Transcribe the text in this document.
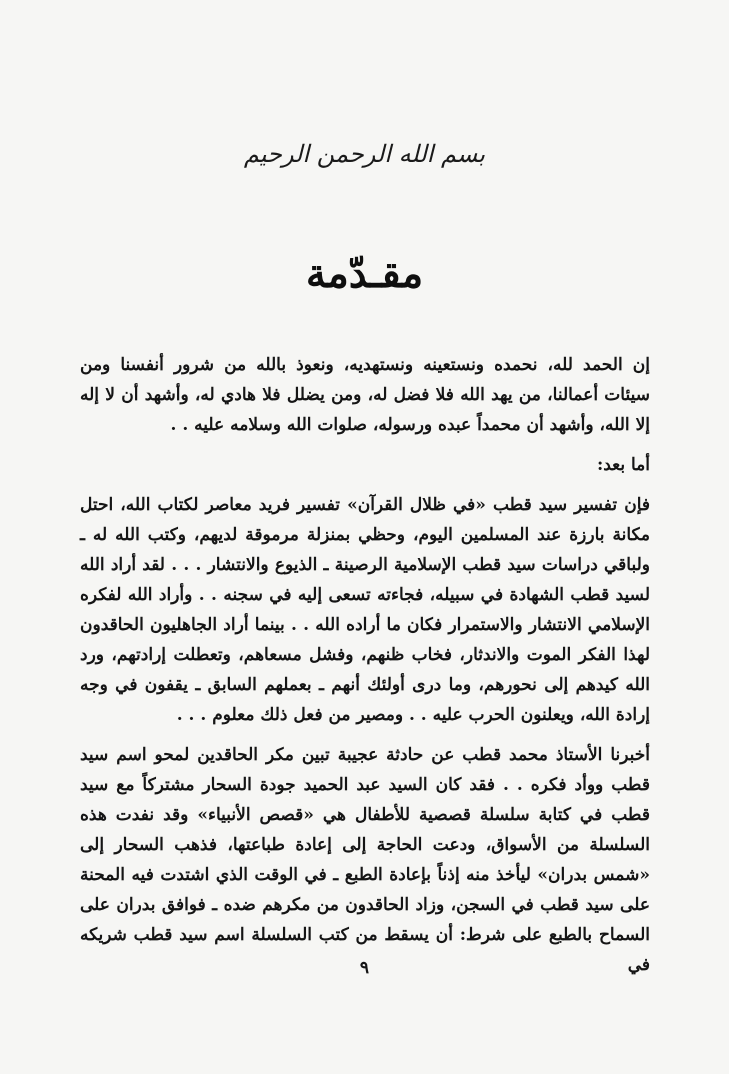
بسم الله الرحمن الرحيم
مقـدّمة

إن الحمد لله، نحمده ونستعينه ونستهديه، ونعوذ بالله من شرور أنفسنا ومن سيئات أعمالنا، من يهد الله فلا فضل له، ومن يضلل فلا هادي له، وأشهد أن لا إله إلا الله، وأشهد أن محمداً عبده ورسوله، صلوات الله وسلامه عليه . .

أما بعد:

فإن تفسير سيد قطب «في ظلال القرآن» تفسير فريد معاصر لكتاب الله، احتل مكانة بارزة عند المسلمين اليوم، وحظي بمنزلة مرموقة لديهم، وكتب الله له ـ ولباقي دراسات سيد قطب الإسلامية الرصينة ـ الذيوع والانتشار . . . لقد أراد الله لسيد قطب الشهادة في سبيله، فجاءته تسعى إليه في سجنه . . وأراد الله لفكره الإسلامي الانتشار والاستمرار فكان ما أراده الله . . بينما أراد الجاهليون الحاقدون لهذا الفكر الموت والاندثار، فخاب ظنهم، وفشل مسعاهم، وتعطلت إرادتهم، ورد الله كيدهم إلى نحورهم، وما درى أولئك أنهم ـ بعملهم السابق ـ يقفون في وجه إرادة الله، ويعلنون الحرب عليه . . ومصير من فعل ذلك معلوم . . .

أخبرنا الأستاذ محمد قطب عن حادثة عجيبة تبين مكر الحاقدين لمحو اسم سيد قطب ووأد فكره . . فقد كان السيد عبد الحميد جودة السحار مشتركاً مع سيد قطب في كتابة سلسلة قصصية للأطفال هي «قصص الأنبياء» وقد نفدت هذه السلسلة من الأسواق، ودعت الحاجة إلى إعادة طباعتها، فذهب السحار إلى «شمس بدران» ليأخذ منه إذناً بإعادة الطبع ـ في الوقت الذي اشتدت فيه المحنة على سيد قطب في السجن، وزاد الحاقدون من مكرهم ضده ـ فوافق بدران على السماح بالطبع على شرط: أن يسقط من كتب السلسلة اسم سيد قطب شريكه في

٩
